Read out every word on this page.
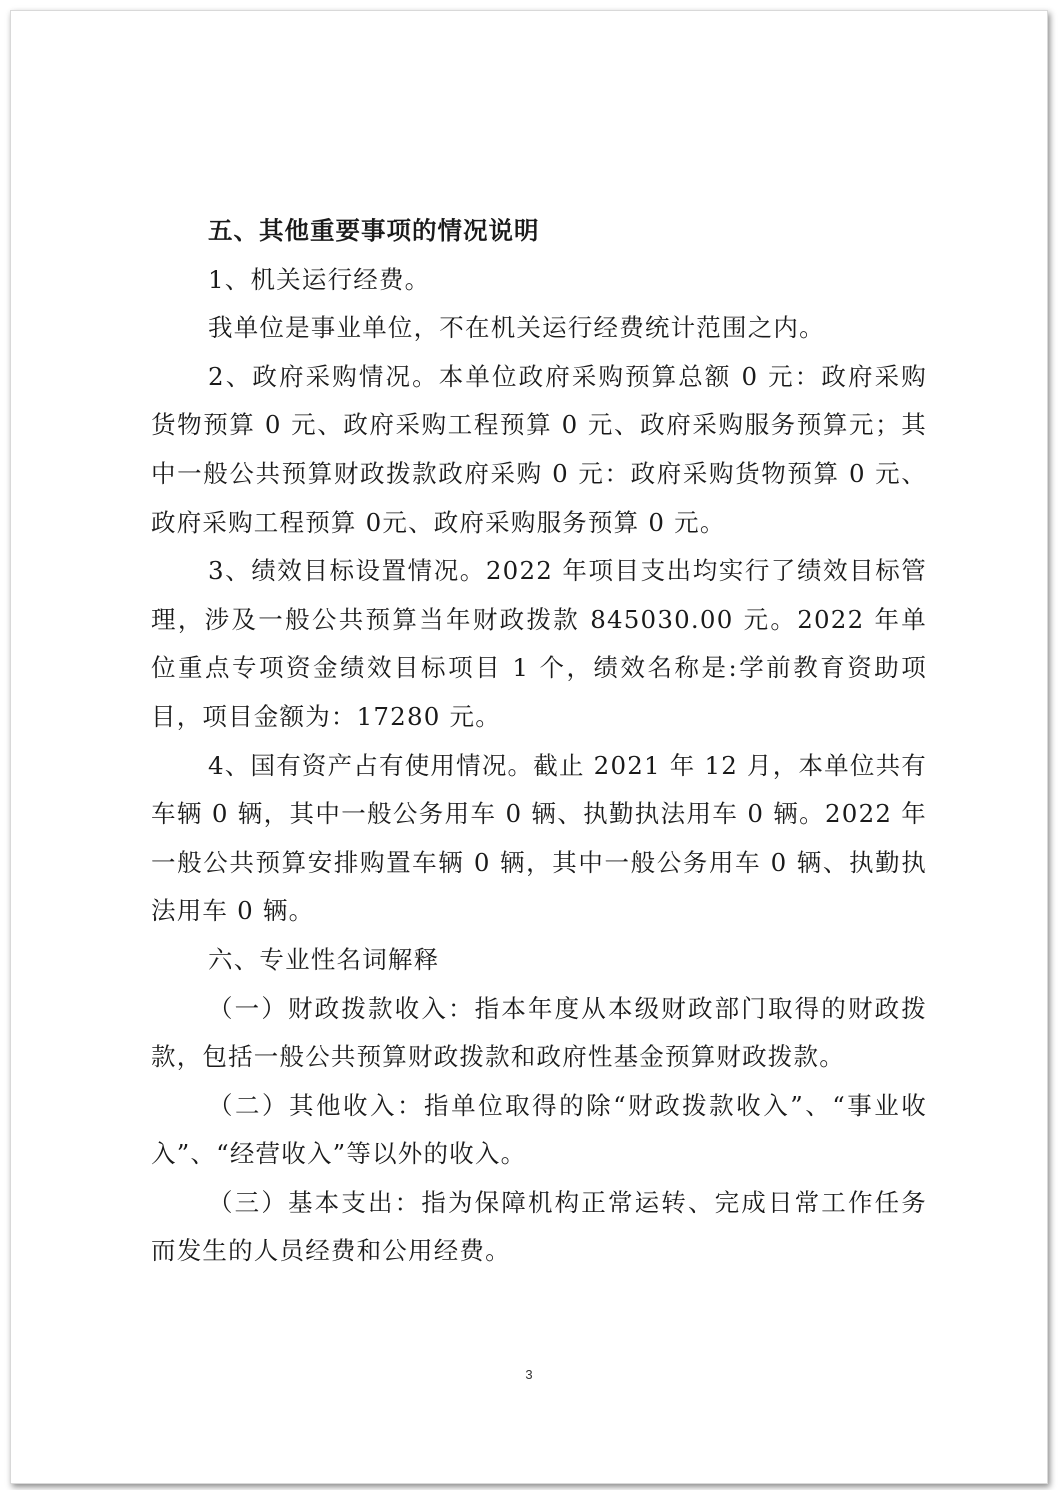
五、其他重要事项的情况说明

1、机关运行经费。

我单位是事业单位，不在机关运行经费统计范围之内。

2、政府采购情况。本单位政府采购预算总额 0 元：政府采购货物预算 0 元、政府采购工程预算 0 元、政府采购服务预算元；其中一般公共预算财政拨款政府采购 0 元：政府采购货物预算 0 元、政府采购工程预算 0元、政府采购服务预算 0 元。

3、绩效目标设置情况。2022 年项目支出均实行了绩效目标管理，涉及一般公共预算当年财政拨款 845030.00 元。2022 年单位重点专项资金绩效目标项目 1 个，绩效名称是:学前教育资助项目，项目金额为：17280 元。

4、国有资产占有使用情况。截止 2021 年 12 月，本单位共有车辆 0 辆，其中一般公务用车 0 辆、执勤执法用车 0 辆。2022 年一般公共预算安排购置车辆 0 辆，其中一般公务用车 0 辆、执勤执法用车 0 辆。

六、专业性名词解释

（一）财政拨款收入：指本年度从本级财政部门取得的财政拨款，包括一般公共预算财政拨款和政府性基金预算财政拨款。

（二）其他收入：指单位取得的除“财政拨款收入”、“事业收入”、“经营收入”等以外的收入。

（三）基本支出：指为保障机构正常运转、完成日常工作任务而发生的人员经费和公用经费。

3
